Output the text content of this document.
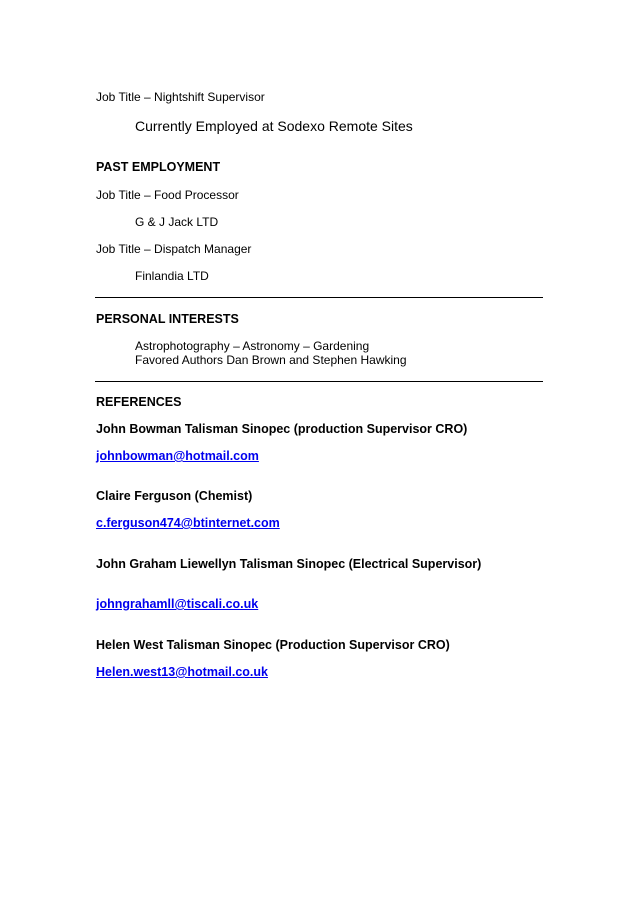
Job Title – Nightshift Supervisor
Currently Employed at Sodexo Remote Sites
PAST EMPLOYMENT
Job Title – Food Processor
G & J Jack LTD
Job Title – Dispatch Manager
Finlandia LTD
PERSONAL INTERESTS
Astrophotography – Astronomy – Gardening
Favored Authors Dan Brown and Stephen Hawking
REFERENCES
John Bowman Talisman Sinopec (production Supervisor CRO)
johnbowman@hotmail.com
Claire Ferguson (Chemist)
c.ferguson474@btinternet.com
John Graham Liewellyn Talisman Sinopec (Electrical Supervisor)
johngrahamll@tiscali.co.uk
Helen West Talisman Sinopec (Production Supervisor CRO)
Helen.west13@hotmail.co.uk
